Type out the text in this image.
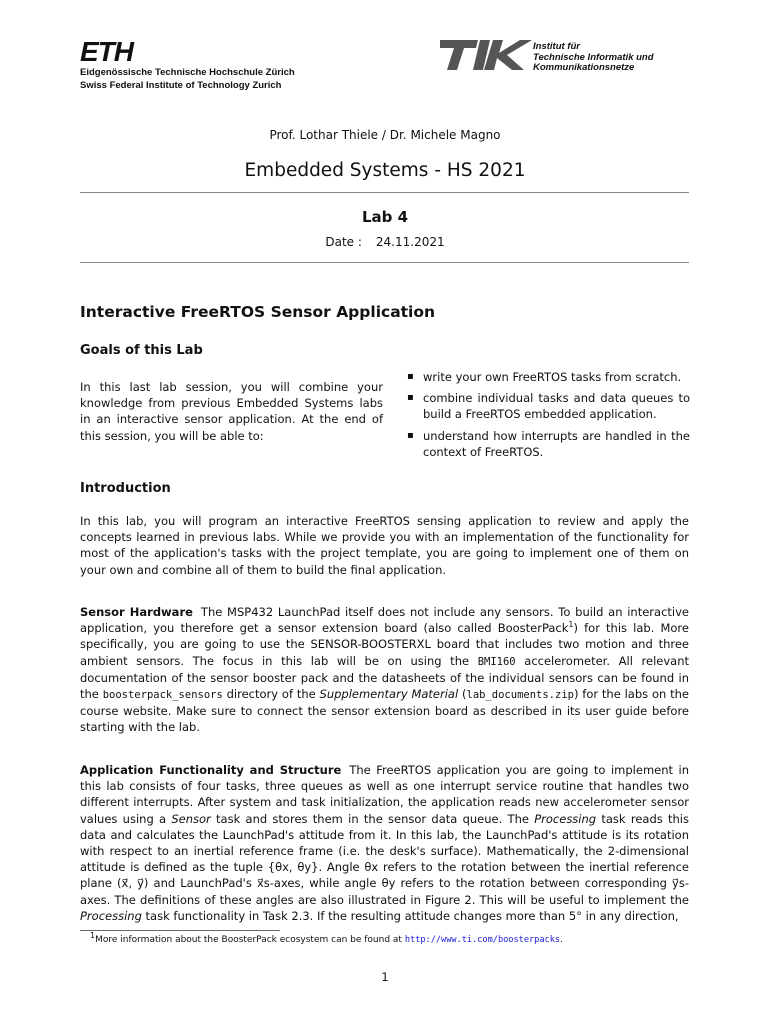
ETH
Eidgenössische Technische Hochschule Zürich
Swiss Federal Institute of Technology Zurich
Institut für
Technische Informatik und
Kommunikationsnetze
Prof. Lothar Thiele / Dr. Michele Magno
Embedded Systems - HS 2021
Lab 4
Date : 24.11.2021
Interactive FreeRTOS Sensor Application
Goals of this Lab
In this last lab session, you will combine your knowledge from previous Embedded Systems labs in an interactive sensor application. At the end of this session, you will be able to:
▪ write your own FreeRTOS tasks from scratch.
▪ combine individual tasks and data queues to build a FreeRTOS embedded application.
▪ understand how interrupts are handled in the context of FreeRTOS.
Introduction
In this lab, you will program an interactive FreeRTOS sensing application to review and apply the concepts learned in previous labs. While we provide you with an implementation of the functionality for most of the application's tasks with the project template, you are going to implement one of them on your own and combine all of them to build the final application.
Sensor Hardware The MSP432 LaunchPad itself does not include any sensors. To build an interactive application, you therefore get a sensor extension board (also called BoosterPack$^1$) for this lab. More specifically, you are going to use the SENSOR-BOOSTERXL board that includes two motion and three ambient sensors. The focus in this lab will be on using the BMI160 accelerometer. All relevant documentation of the sensor booster pack and the datasheets of the individual sensors can be found in the boosterpack_sensors directory of the Supplementary Material (lab_documents.zip) for the labs on the course website. Make sure to connect the sensor extension board as described in its user guide before starting with the lab.
Application Functionality and Structure The FreeRTOS application you are going to implement in this lab consists of four tasks, three queues as well as one interrupt service routine that handles two different interrupts. After system and task initialization, the application reads new accelerometer sensor values using a Sensor task and stores them in the sensor data queue. The Processing task reads this data and calculates the LaunchPad's attitude from it. In this lab, the LaunchPad's attitude is its rotation with respect to an inertial reference frame (i.e. the desk's surface). Mathematically, the 2-dimensional attitude is defined as the tuple {θx, θy}. Angle θx refers to the rotation between the inertial reference plane (x⃗, y⃗) and LaunchPad's x⃗s-axes, while angle θy refers to the rotation between corresponding y⃗s-axes. The definitions of these angles are also illustrated in Figure 2. This will be useful to implement the Processing task functionality in Task 2.3. If the resulting attitude changes more than 5° in any direction,
$^1$More information about the BoosterPack ecosystem can be found at http://www.ti.com/boosterpacks.
1
